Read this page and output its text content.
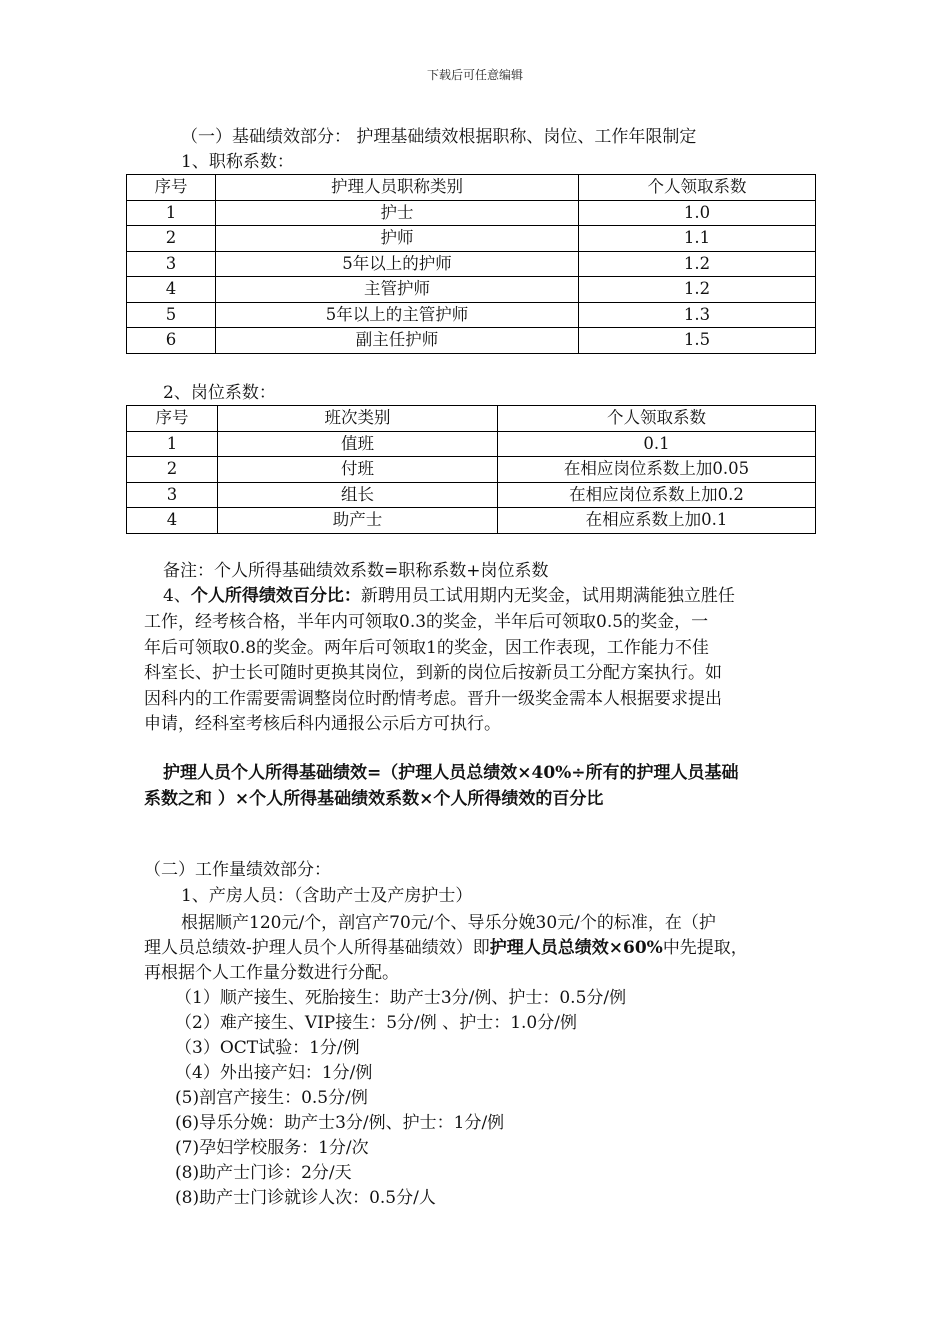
下载后可任意编辑
（一）基础绩效部分： 护理基础绩效根据职称、岗位、工作年限制定
1、职称系数：
序号	护理人员职称类别	个人领取系数
1	护士	1.0
2	护师	1.1
3	5年以上的护师	1.2
4	主管护师	1.2
5	5年以上的主管护师	1.3
6	副主任护师	1.5
2、岗位系数：
序号	班次类别	个人领取系数
1	值班	0.1
2	付班	在相应岗位系数上加0.05
3	组长	在相应岗位系数上加0.2
4	助产士	在相应系数上加0.1
备注：个人所得基础绩效系数=职称系数+岗位系数
4、个人所得绩效百分比：新聘用员工试用期内无奖金，试用期满能独立胜任
工作，经考核合格，半年内可领取0.3的奖金，半年后可领取0.5的奖金，一
年后可领取0.8的奖金。两年后可领取1的奖金，因工作表现，工作能力不佳
科室长、护士长可随时更换其岗位，到新的岗位后按新员工分配方案执行。如
因科内的工作需要需调整岗位时酌情考虑。晋升一级奖金需本人根据要求提出
申请，经科室考核后科内通报公示后方可执行。
护理人员个人所得基础绩效=（护理人员总绩效×40%÷所有的护理人员基础
系数之和 ）×个人所得基础绩效系数×个人所得绩效的百分比
（二）工作量绩效部分：
1、产房人员：（含助产士及产房护士）
根据顺产120元/个，剖宫产70元/个、导乐分娩30元/个的标准，在（护
理人员总绩效-护理人员个人所得基础绩效）即护理人员总绩效×60%中先提取，
再根据个人工作量分数进行分配。
（1）顺产接生、死胎接生：助产士3分/例、护士：0.5分/例
（2）难产接生、VIP接生：5分/例 、护士：1.0分/例
（3）OCT试验：1分/例
（4）外出接产妇：1分/例
(5)剖宫产接生：0.5分/例
(6)导乐分娩：助产士3分/例、护士：1分/例
(7)孕妇学校服务：1分/次
(8)助产士门诊：2分/天
(8)助产士门诊就诊人次：0.5分/人
